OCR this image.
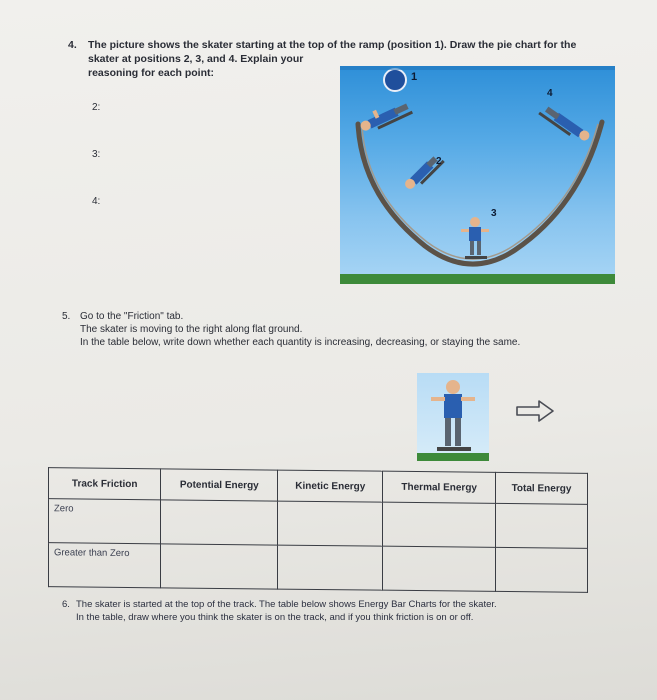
4. The picture shows the skater starting at the top of the ramp (position 1). Draw the pie chart for the
skater at positions 2, 3, and 4. Explain your reasoning for each point:
2:
3:
4:
1
2
3
4
5. Go to the "Friction" tab.
The skater is moving to the right along flat ground.
In the table below, write down whether each quantity is increasing, decreasing, or staying the same.
Track Friction	Potential Energy	Kinetic Energy	Thermal Energy	Total Energy
Zero				
Greater than Zero				
6. The skater is started at the top of the track. The table below shows Energy Bar Charts for the skater.
In the table, draw where you think the skater is on the track, and if you think friction is on or off.
